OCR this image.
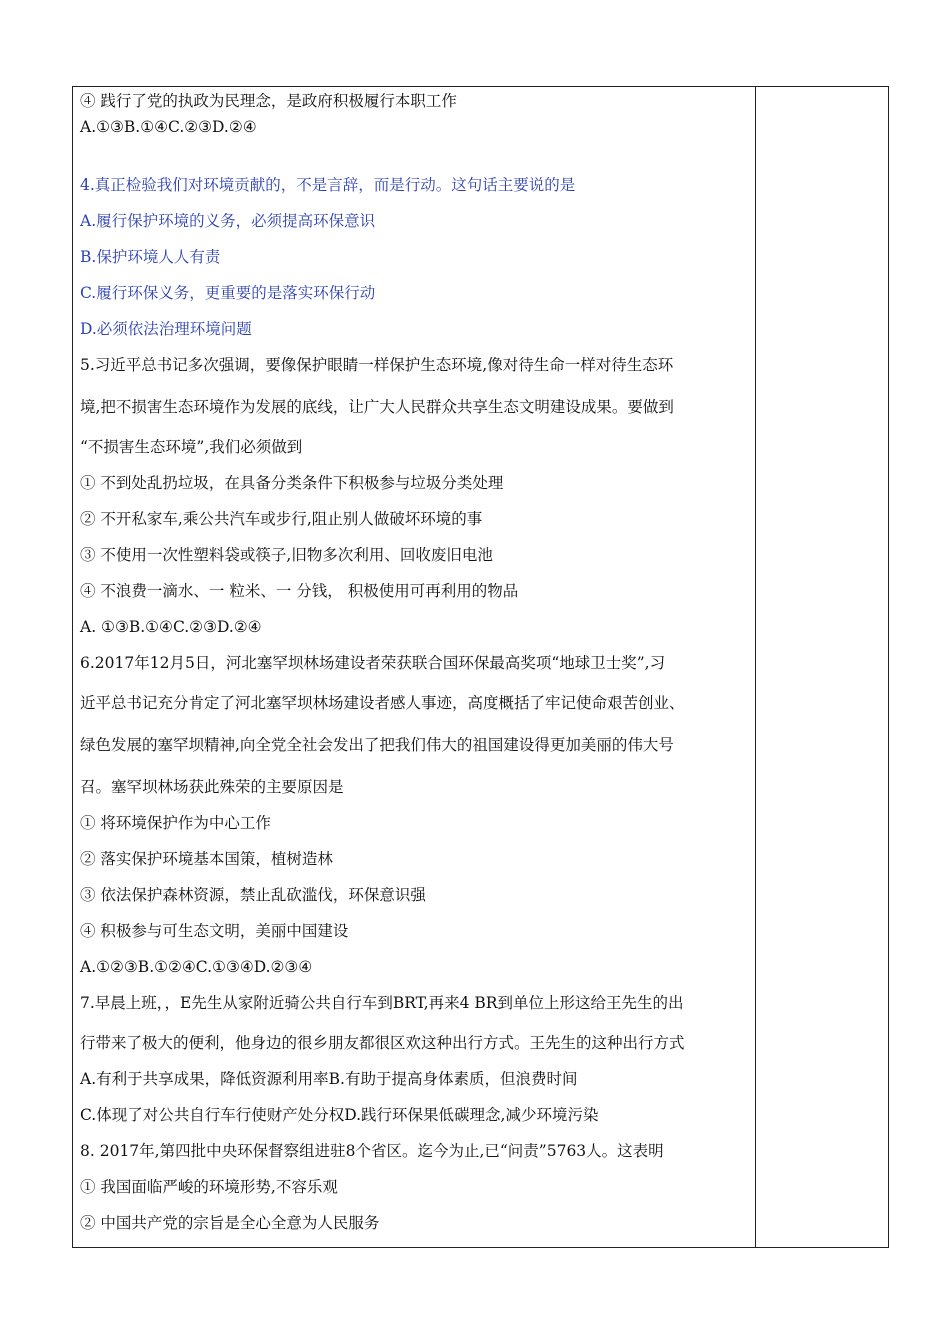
④ 践行了党的执政为民理念，是政府积极履行本职工作
A.①③B.①④C.②③D.②④
4.真正检验我们对环境贡献的，不是言辞，而是行动。这句话主要说的是
A.履行保护环境的义务，必须提高环保意识
B.保护环境人人有责
C.履行环保义务，更重要的是落实环保行动
D.必须依法治理环境问题
5.习近平总书记多次强调，要像保护眼睛一样保护生态环境,像对待生命一样对待生态环
境,把不损害生态环境作为发展的底线，让广大人民群众共享生态文明建设成果。要做到
“不损害生态环境”,我们必须做到
① 不到处乱扔垃圾，在具备分类条件下积极参与垃圾分类处理
② 不开私家车,乘公共汽车或步行,阻止别人做破坏环境的事
③ 不使用一次性塑料袋或筷子,旧物多次利用、回收废旧电池
④ 不浪费一滴水、一 粒米、一 分钱， 积极使用可再利用的物品
A. ①③B.①④C.②③D.②④
6.2017年12月5日，河北塞罕坝林场建设者荣获联合国环保最高奖项“地球卫士奖”,习
近平总书记充分肯定了河北塞罕坝林场建设者感人事迹，高度概括了牢记使命艰苦创业、
绿色发展的塞罕坝精神,向全党全社会发出了把我们伟大的祖国建设得更加美丽的伟大号
召。塞罕坝林场获此殊荣的主要原因是
① 将环境保护作为中心工作
② 落实保护环境基本国策，植树造林
③ 依法保护森林资源，禁止乱砍滥伐，环保意识强
④ 积极参与可生态文明，美丽中国建设
A.①②③B.①②④C.①③④D.②③④
7.早晨上班，，E先生从家附近骑公共自行车到BRT,再来4 BR到单位上形这给王先生的出
行带来了极大的便利，他身边的很乡朋友都很区欢这种出行方式。王先生的这种出行方式
A.有利于共享成果，降低资源利用率B.有助于提高身体素质，但浪费时间
C.体现了对公共自行车行使财产处分权D.践行环保果低碳理念,减少环境污染
8. 2017年,第四批中央环保督察组进驻8个省区。迄今为止,已“问责”5763人。这表明
① 我国面临严峻的环境形势,不容乐观
② 中国共产党的宗旨是全心全意为人民服务
